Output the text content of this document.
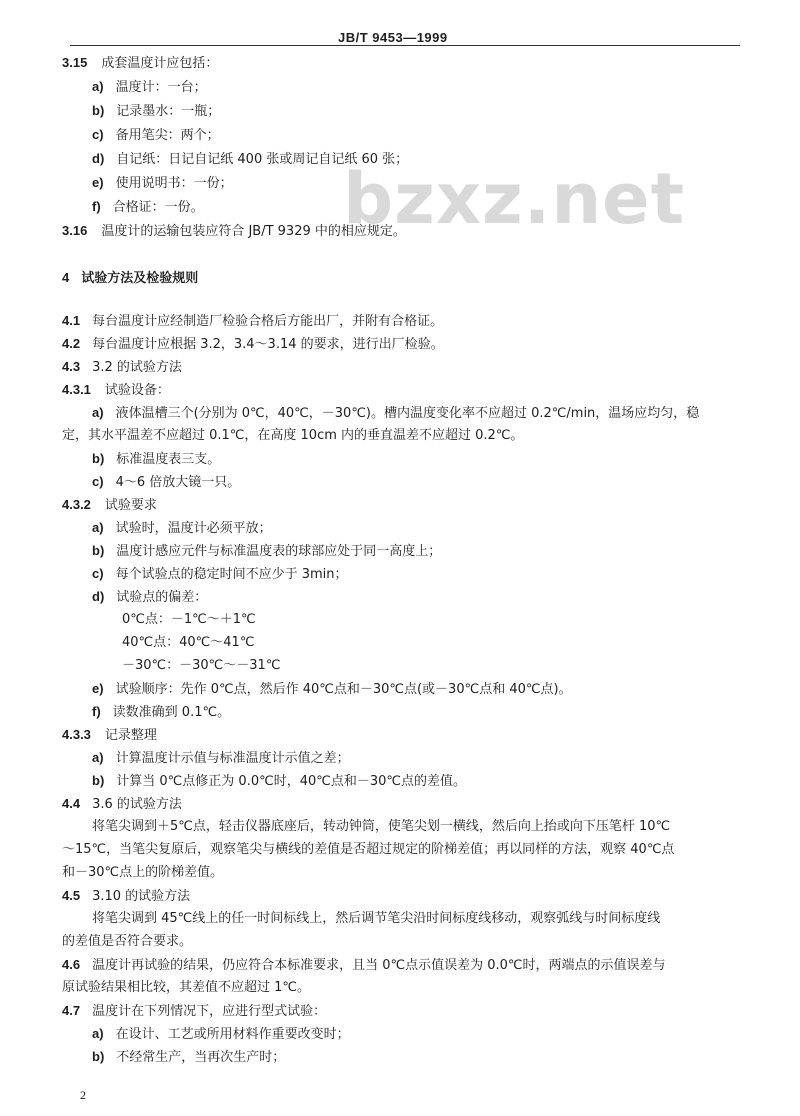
JB/T 9453—1999
bzxz.net
3.15 成套温度计应包括：
a) 温度计：一台；
b) 记录墨水：一瓶；
c) 备用笔尖：两个；
d) 自记纸：日记自记纸 400 张或周记自记纸 60 张；
e) 使用说明书：一份；
f) 合格证：一份。
3.16 温度计的运输包装应符合 JB/T 9329 中的相应规定。
4 试验方法及检验规则
4.1 每台温度计应经制造厂检验合格后方能出厂，并附有合格证。
4.2 每台温度计应根据 3.2，3.4～3.14 的要求，进行出厂检验。
4.3 3.2 的试验方法
4.3.1 试验设备：
a) 液体温槽三个(分别为 0℃，40℃，－30℃)。槽内温度变化率不应超过 0.2℃/min，温场应均匀，稳
定，其水平温差不应超过 0.1℃，在高度 10cm 内的垂直温差不应超过 0.2℃。
b) 标准温度表三支。
c) 4～6 倍放大镜一只。
4.3.2 试验要求
a) 试验时，温度计必须平放；
b) 温度计感应元件与标准温度表的球部应处于同一高度上；
c) 每个试验点的稳定时间不应少于 3min；
d) 试验点的偏差：
0℃点：－1℃～＋1℃
40℃点：40℃～41℃
－30℃：－30℃～－31℃
e) 试验顺序：先作 0℃点，然后作 40℃点和－30℃点(或－30℃点和 40℃点)。
f) 读数准确到 0.1℃。
4.3.3 记录整理
a) 计算温度计示值与标准温度计示值之差；
b) 计算当 0℃点修正为 0.0℃时，40℃点和－30℃点的差值。
4.4 3.6 的试验方法
将笔尖调到＋5℃点，轻击仪器底座后，转动钟筒，使笔尖划一横线，然后向上抬或向下压笔杆 10℃
～15℃，当笔尖复原后，观察笔尖与横线的差值是否超过规定的阶梯差值；再以同样的方法，观察 40℃点
和－30℃点上的阶梯差值。
4.5 3.10 的试验方法
将笔尖调到 45℃线上的任一时间标线上，然后调节笔尖沿时间标度线移动，观察弧线与时间标度线
的差值是否符合要求。
4.6 温度计再试验的结果，仍应符合本标准要求，且当 0℃点示值误差为 0.0℃时，两端点的示值误差与
原试验结果相比较，其差值不应超过 1℃。
4.7 温度计在下列情况下，应进行型式试验：
a) 在设计、工艺或所用材料作重要改变时；
b) 不经常生产，当再次生产时；
2
